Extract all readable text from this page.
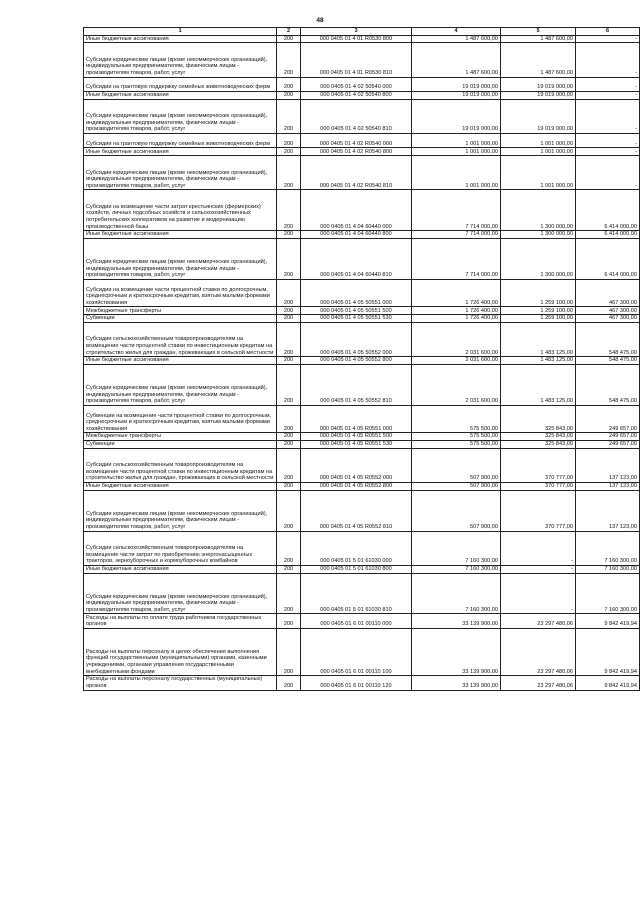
48
1	2	3	4	5	6
Иные бюджетные ассигнования	200	000 0405 01 4 01 R0530 800	1 487 600,00	1 487 600,00	-
Субсидии юридическим лицам (кроме некоммерческих организаций), индивидуальным предпринимателям, физическим лицам - производителям товаров, работ, услуг	200	000 0405 01 4 01 R0530 810	1 487 600,00	1 487 600,00	-
Субсидии на грантовую поддержку семейных животноводческих ферм	200	000 0405 01 4 02 50540 000	19 019 000,00	19 019 000,00	-
Иные бюджетные ассигнования	200	000 0405 01 4 02 50540 800	19 019 000,00	19 019 000,00	-
Субсидии юридическим лицам (кроме некоммерческих организаций), индивидуальным предпринимателям, физическим лицам - производителям товаров, работ, услуг	200	000 0405 01 4 02 50540 810	19 019 000,00	19 019 000,00	-
Субсидии на грантовую поддержку семейных животноводческих ферм	200	000 0405 01 4 02 R0540 000	1 001 000,00	1 001 000,00	-
Иные бюджетные ассигнования	200	000 0405 01 4 02 R0540 800	1 001 000,00	1 001 000,00	-
Субсидии юридическим лицам (кроме некоммерческих организаций), индивидуальным предпринимателям, физическим лицам - производителям товаров, работ, услуг	200	000 0405 01 4 02 R0540 810	1 001 000,00	1 001 000,00	-
Субсидии на возмещение части затрат крестьянских (фермерских) хозяйств, личных подсобных хозяйств и сельскохозяйственных потребительских кооперативов на развитие и модернизацию производственной базы	200	000 0405 01 4 04 60440 000	7 714 000,00	1 300 000,00	6 414 000,00
Иные бюджетные ассигнования	200	000 0405 01 4 04 60440 800	7 714 000,00	1 300 000,00	6 414 000,00
Субсидии юридическим лицам (кроме некоммерческих организаций), индивидуальным предпринимателям, физическим лицам - производителям товаров, работ, услуг	200	000 0405 01 4 04 60440 810	7 714 000,00	1 300 000,00	6 414 000,00
Субсидии на возмещение части процентной ставки по долгосрочным, среднесрочным и краткосрочным кредитам, взятым малыми формами хозяйствования	200	000 0405 01 4 05 50551 000	1 726 400,00	1 259 100,00	467 300,00
Межбюджетные трансферты	200	000 0405 01 4 05 50551 500	1 726 400,00	1 259 100,00	467 300,00
Субвенции	200	000 0405 01 4 05 50551 530	1 726 400,00	1 259 100,00	467 300,00
Субсидии сельскохозяйственным товаропроизводителям на возмещение части процентной ставки по инвестиционным кредитам на строительство жилья для граждан, проживающих в сельской местности	200	000 0405 01 4 05 50552 000	2 031 600,00	1 483 125,00	548 475,00
Иные бюджетные ассигнования	200	000 0405 01 4 05 50552 800	2 031 600,00	1 483 125,00	548 475,00
Субсидии юридическим лицам (кроме некоммерческих организаций), индивидуальным предпринимателям, физическим лицам - производителям товаров, работ, услуг	200	000 0405 01 4 05 50552 810	2 031 600,00	1 483 125,00	548 475,00
Субвенции на возмещение части процентной ставки по долгосрочным, среднесрочным и краткосрочным кредитам, взятым малыми формами хозяйствования	200	000 0405 01 4 05 R0551 000	575 500,00	325 843,00	249 657,00
Межбюджетные трансферты	200	000 0405 01 4 05 R0551 500	575 500,00	325 843,00	249 657,00
Субвенции	200	000 0405 01 4 05 R0551 530	575 500,00	325 843,00	249 657,00
Субсидии сельскохозяйственным товаропроизводителям на возмещение части процентной ставки по инвестиционным кредитам на строительство жилья для граждан, проживающих в сельской местности	200	000 0405 01 4 05 R0552 000	507 900,00	370 777,00	137 123,00
Иные бюджетные ассигнования	200	000 0405 01 4 05 R0552 800	507 900,00	370 777,00	137 123,00
Субсидии юридическим лицам (кроме некоммерческих организаций), индивидуальным предпринимателям, физическим лицам - производителям товаров, работ, услуг	200	000 0405 01 4 05 R0552 810	507 900,00	370 777,00	137 123,00
Субсидии сельскохозяйственным товаропроизводителям на возмещение части затрат по приобретению энергонасыщенных тракторов, зерноуборочных и кормоуборочных комбайнов	200	000 0405 01 5 01 61030 000	7 160 300,00	-	7 160 300,00
Иные бюджетные ассигнования	200	000 0405 01 5 01 61030 800	7 160 300,00	-	7 160 300,00
Субсидии юридическим лицам (кроме некоммерческих организаций), индивидуальным предпринимателям, физическим лицам - производителям товаров, работ, услуг	200	000 0405 01 5 01 61030 810	7 160 300,00	-	7 160 300,00
Расходы на выплаты по оплате труда работников государственных органов	200	000 0405 01 6 01 00110 000	33 139 900,00	23 297 480,06	9 842 419,94
Расходы на выплаты персоналу в целях обеспечения выполнения функций государственными (муниципальными) органами, казенными учреждениями, органами управления государственными внебюджетными фондами	200	000 0405 01 6 01 00110 100	33 139 900,00	23 297 480,06	9 842 419,94
Расходы на выплаты персоналу государственных (муниципальных) органов	200	000 0405 01 6 01 00110 120	33 139 900,00	23 297 480,06	9 842 419,94
